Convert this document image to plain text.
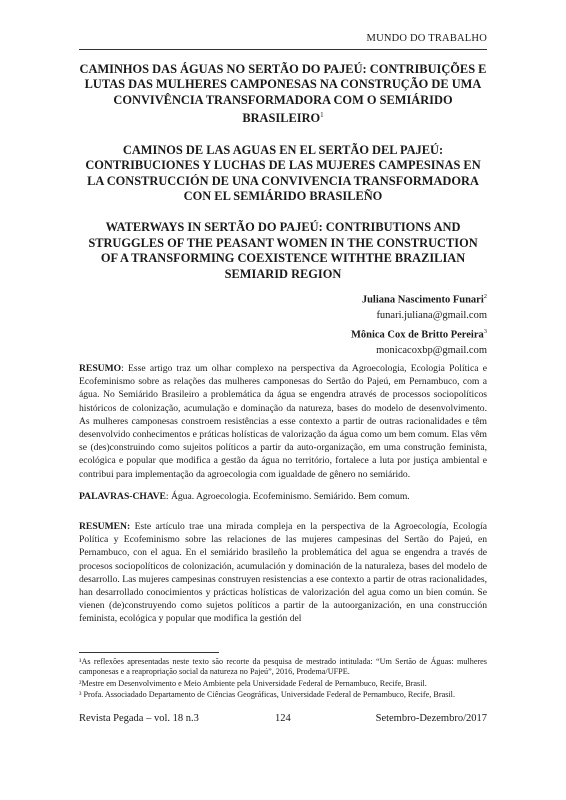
MUNDO DO TRABALHO

CAMINHOS DAS ÁGUAS NO SERTÃO DO PAJEÚ: CONTRIBUIÇÕES E LUTAS DAS MULHERES CAMPONESAS NA CONSTRUÇÃO DE UMA CONVIVÊNCIA TRANSFORMADORA COM O SEMIÁRIDO BRASILEIRO$^1$

CAMINOS DE LAS AGUAS EN EL SERTÃO DEL PAJEÚ: CONTRIBUCIONES Y LUCHAS DE LAS MUJERES CAMPESINAS EN LA CONSTRUCCIÓN DE UNA CONVIVENCIA TRANSFORMADORA CON EL SEMIÁRIDO BRASILEÑO

WATERWAYS IN SERTÃO DO PAJEÚ: CONTRIBUTIONS AND STRUGGLES OF THE PEASANT WOMEN IN THE CONSTRUCTION OF A TRANSFORMING COEXISTENCE WITHTHE BRAZILIAN SEMIARID REGION

Juliana Nascimento Funari$^2$
funari.juliana@gmail.com
Mônica Cox de Britto Pereira$^3$
monicacoxbp@gmail.com

RESUMO: Esse artigo traz um olhar complexo na perspectiva da Agroecologia, Ecologia Política e Ecofeminismo sobre as relações das mulheres camponesas do Sertão do Pajeú, em Pernambuco, com a água. No Semiárido Brasileiro a problemática da água se engendra através de processos sociopolíticos históricos de colonização, acumulação e dominação da natureza, bases do modelo de desenvolvimento. As mulheres camponesas constroem resistências a esse contexto a partir de outras racionalidades e têm desenvolvido conhecimentos e práticas holísticas de valorização da água como um bem comum. Elas vêm se (des)construindo como sujeitos políticos a partir da auto-organização, em uma construção feminista, ecológica e popular que modifica a gestão da água no território, fortalece a luta por justiça ambiental e contribui para implementação da agroecologia com igualdade de gênero no semiárido.

PALAVRAS-CHAVE: Água. Agroecologia. Ecofeminismo. Semiárido. Bem comum.

RESUMEN: Este artículo trae una mirada compleja en la perspectiva de la Agroecología, Ecología Política y Ecofeminismo sobre las relaciones de las mujeres campesinas del Sertão do Pajeú, en Pernambuco, con el agua. En el semiárido brasileño la problemática del agua se engendra a través de procesos sociopolíticos de colonización, acumulación y dominación de la naturaleza, bases del modelo de desarrollo. Las mujeres campesinas construyen resistencias a ese contexto a partir de otras racionalidades, han desarrollado conocimientos y prácticas holísticas de valorización del agua como un bien común. Se vienen (de)construyendo como sujetos políticos a partir de la autoorganización, en una construcción feminista, ecológica y popular que modifica la gestión del

¹As reflexões apresentadas neste texto são recorte da pesquisa de mestrado intitulada: “Um Sertão de Águas: mulheres camponesas e a reapropriação social da natureza no Pajeú”, 2016, Prodema/UFPE.

²Mestre em Desenvolvimento e Meio Ambiente pela Universidade Federal de Pernambuco, Recife, Brasil.

³ Profa. Associadado Departamento de Ciências Geográficas, Universidade Federal de Pernambuco, Recife, Brasil.

Revista Pegada – vol. 18 n.3	124	Setembro-Dezembro/2017
